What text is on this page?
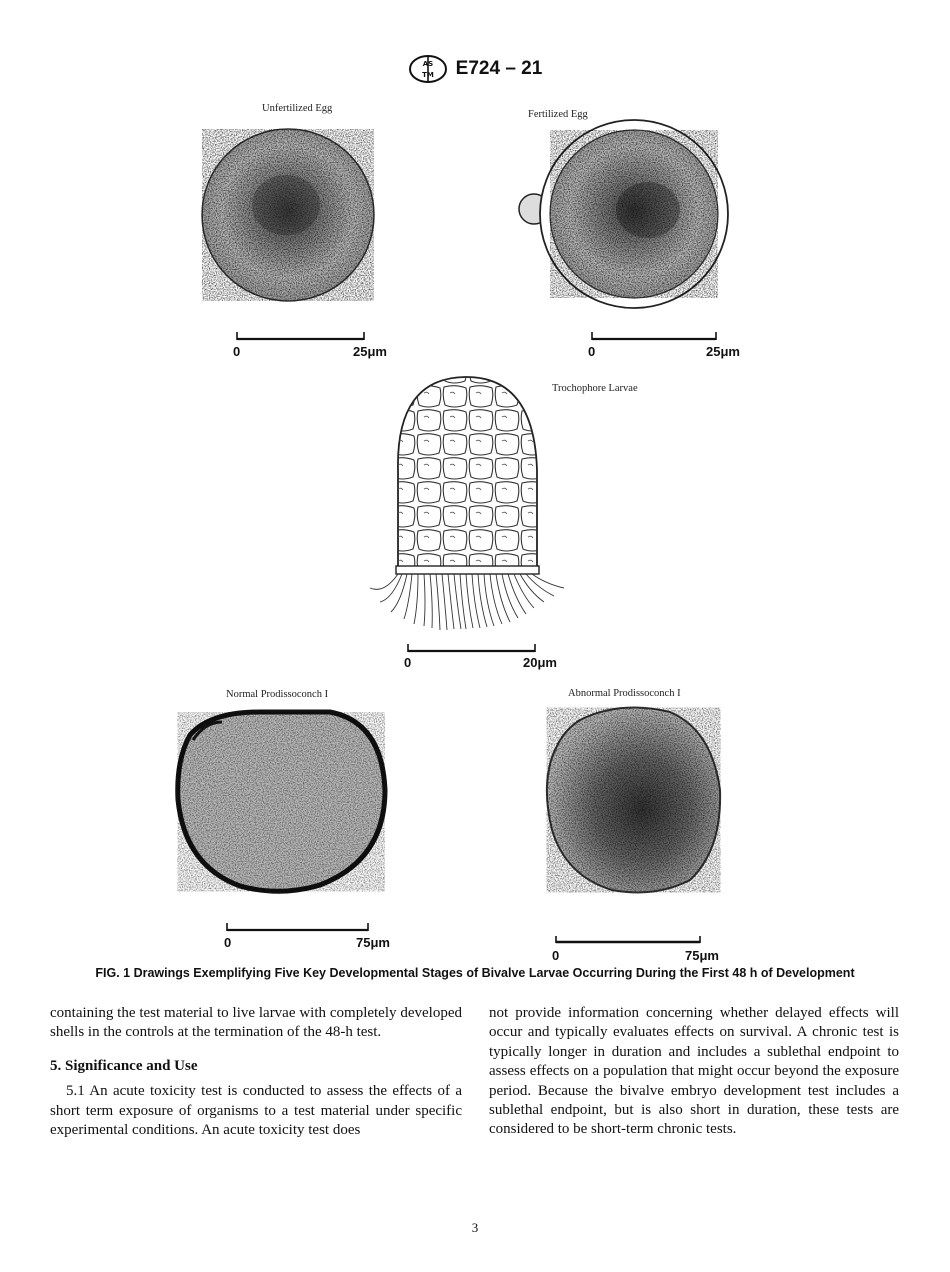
AS
TM E724 – 21
Unfertilized Egg
Fertilized Egg
Trochophore Larvae
Normal Prodissoconch I	Abnormal Prodissoconch I
0	25μm	0	25μm
0	20μm
0	75μm
0	75μm
FIG. 1 Drawings Exemplifying Five Key Developmental Stages of Bivalve Larvae Occurring During the First 48 h of Development

containing the test material to live larvae with completely developed shells in the controls at the termination of the 48-h test.

5. Significance and Use

5.1 An acute toxicity test is conducted to assess the effects of a short term exposure of organisms to a test material under specific experimental conditions. An acute toxicity test does

not provide information concerning whether delayed effects will occur and typically evaluates effects on survival. A chronic test is typically longer in duration and includes a sublethal endpoint to assess effects on a population that might occur beyond the exposure period. Because the bivalve embryo development test includes a sublethal endpoint, but is also short in duration, these tests are considered to be short-term chronic tests.

3
